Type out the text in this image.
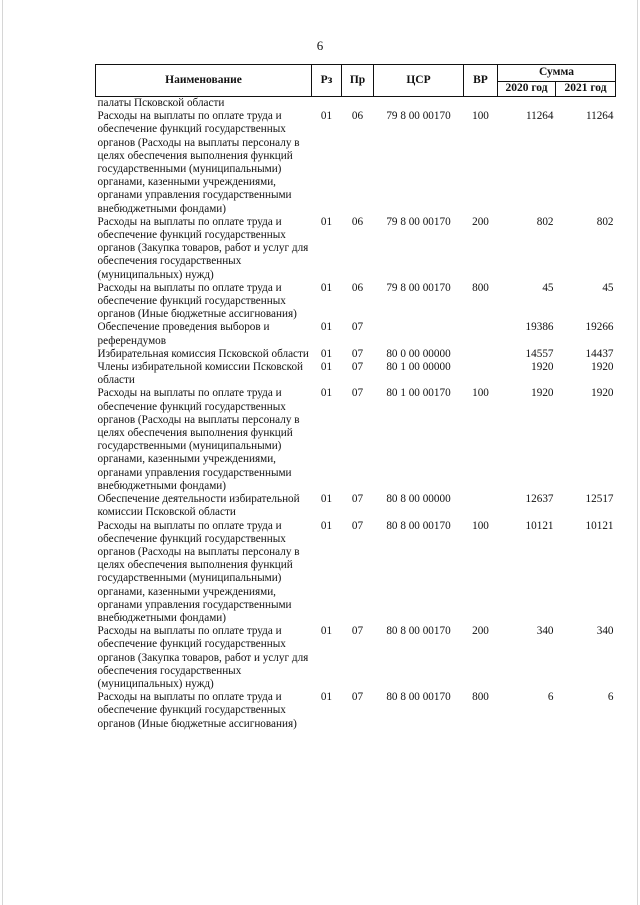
6
Наименование	Рз	Пр	ЦСР	ВР	Сумма	
					2020 год	2021 год
палаты Псковской области						
Расходы на выплаты по оплате труда и обеспечение функций государственных органов (Расходы на выплаты персоналу в целях обеспечения выполнения функций государственными (муниципальными) органами, казенными учреждениями, органами управления государственными внебюджетными фондами)	01	06	79 8 00 00170	100	11264	11264
Расходы на выплаты по оплате труда и обеспечение функций государственных органов (Закупка товаров, работ и услуг для обеспечения государственных (муниципальных) нужд)	01	06	79 8 00 00170	200	802	802
Расходы на выплаты по оплате труда и обеспечение функций государственных органов (Иные бюджетные ассигнования)	01	06	79 8 00 00170	800	45	45
Обеспечение проведения выборов и референдумов	01	07			19386	19266
Избирательная комиссия Псковской области	01	07	80 0 00 00000		14557	14437
Члены избирательной комиссии Псковской области	01	07	80 1 00 00000		1920	1920
Расходы на выплаты по оплате труда и обеспечение функций государственных органов (Расходы на выплаты персоналу в целях обеспечения выполнения функций государственными (муниципальными) органами, казенными учреждениями, органами управления государственными внебюджетными фондами)	01	07	80 1 00 00170	100	1920	1920
Обеспечение деятельности избирательной комиссии Псковской области	01	07	80 8 00 00000		12637	12517
Расходы на выплаты по оплате труда и обеспечение функций государственных органов (Расходы на выплаты персоналу в целях обеспечения выполнения функций государственными (муниципальными) органами, казенными учреждениями, органами управления государственными внебюджетными фондами)	01	07	80 8 00 00170	100	10121	10121
Расходы на выплаты по оплате труда и обеспечение функций государственных органов (Закупка товаров, работ и услуг для обеспечения государственных (муниципальных) нужд)	01	07	80 8 00 00170	200	340	340
Расходы на выплаты по оплате труда и обеспечение функций государственных органов (Иные бюджетные ассигнования)	01	07	80 8 00 00170	800	6	6
